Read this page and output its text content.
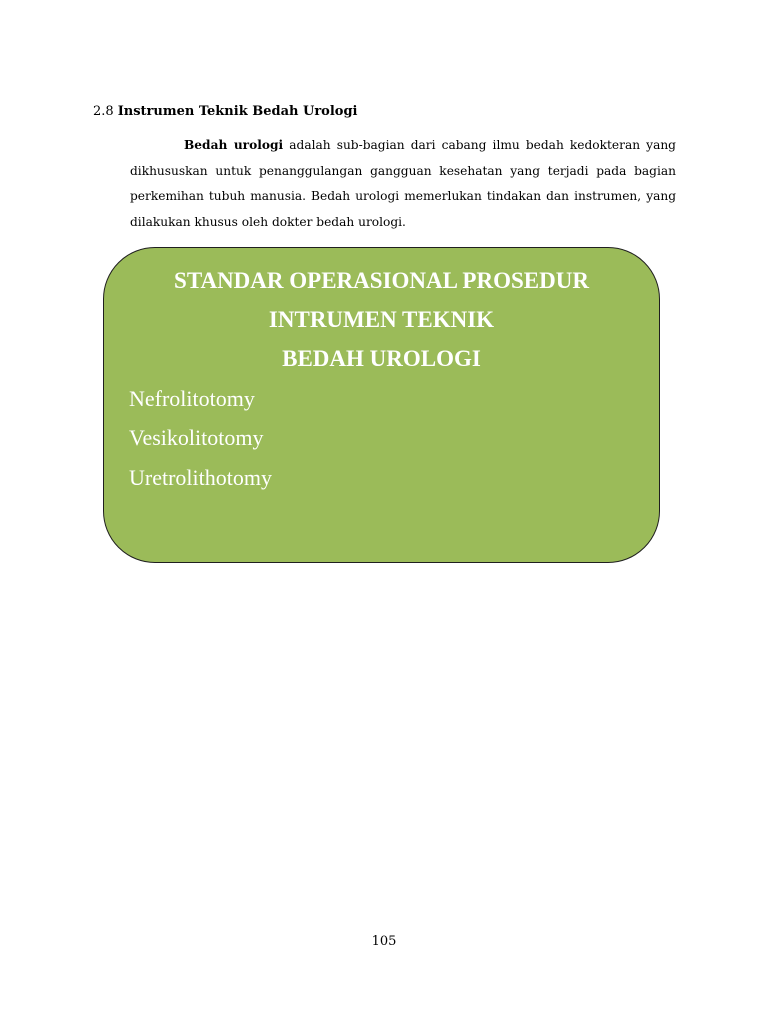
2.8 Instrumen Teknik Bedah Urologi

Bedah urologi adalah sub-bagian dari cabang ilmu bedah kedokteran yang dikhususkan untuk penanggulangan gangguan kesehatan yang terjadi pada bagian perkemihan tubuh manusia. Bedah urologi memerlukan tindakan dan instrumen, yang dilakukan khusus oleh dokter bedah urologi.

STANDAR OPERASIONAL PROSEDUR
INTRUMEN TEKNIK
BEDAH UROLOGI
Nefrolitotomy
Vesikolitotomy
Uretrolithotomy
105
